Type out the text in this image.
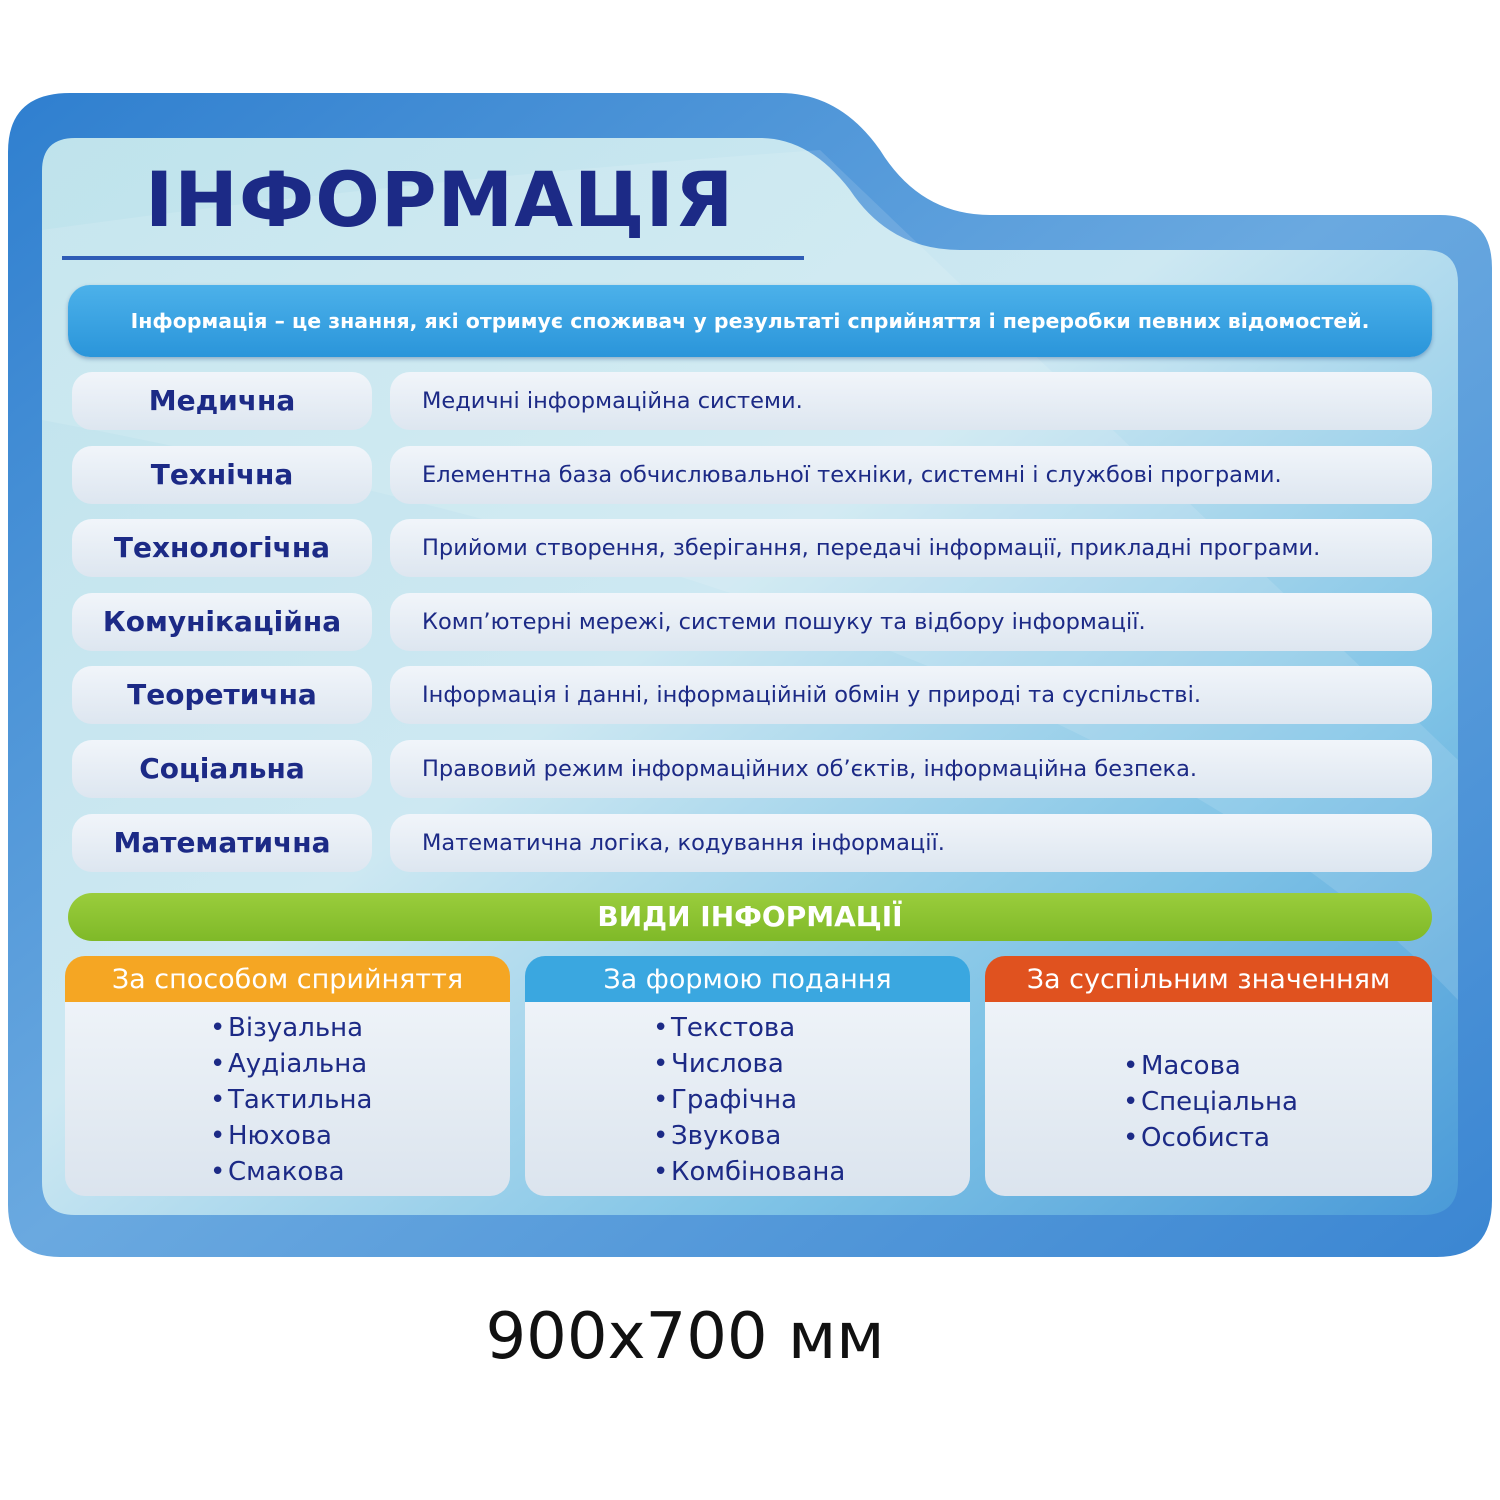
ІНФОРМАЦІЯ
Інформація – це знання, які отримує споживач у результаті сприйняття і переробки певних відомостей.
Медична	Медичні інформаційна системи.
Технічна	Елементна база обчислювальної техніки, системні і службові програми.
Технологічна	Прийоми створення, зберігання, передачі інформації, прикладні програми.
Комунікаційна	Комп’ютерні мережі, системи пошуку та відбору інформації.
Теоретична	Інформація і данні, інформаційній обмін у природі та суспільстві.
Соціальна	Правовий режим інформаційних об’єктів, інформаційна безпека.
Математична	Математична логіка, кодування інформації.
ВИДИ ІНФОРМАЦІЇ
За способом сприйняття
• Візуальна
• Аудіальна
• Тактильна
• Нюхова
• Смакова
За формою подання
• Текстова
• Числова
• Графічна
• Звукова
• Комбінована
За суспільним значенням
• Масова
• Спеціальна
• Особиста
900x700 мм
